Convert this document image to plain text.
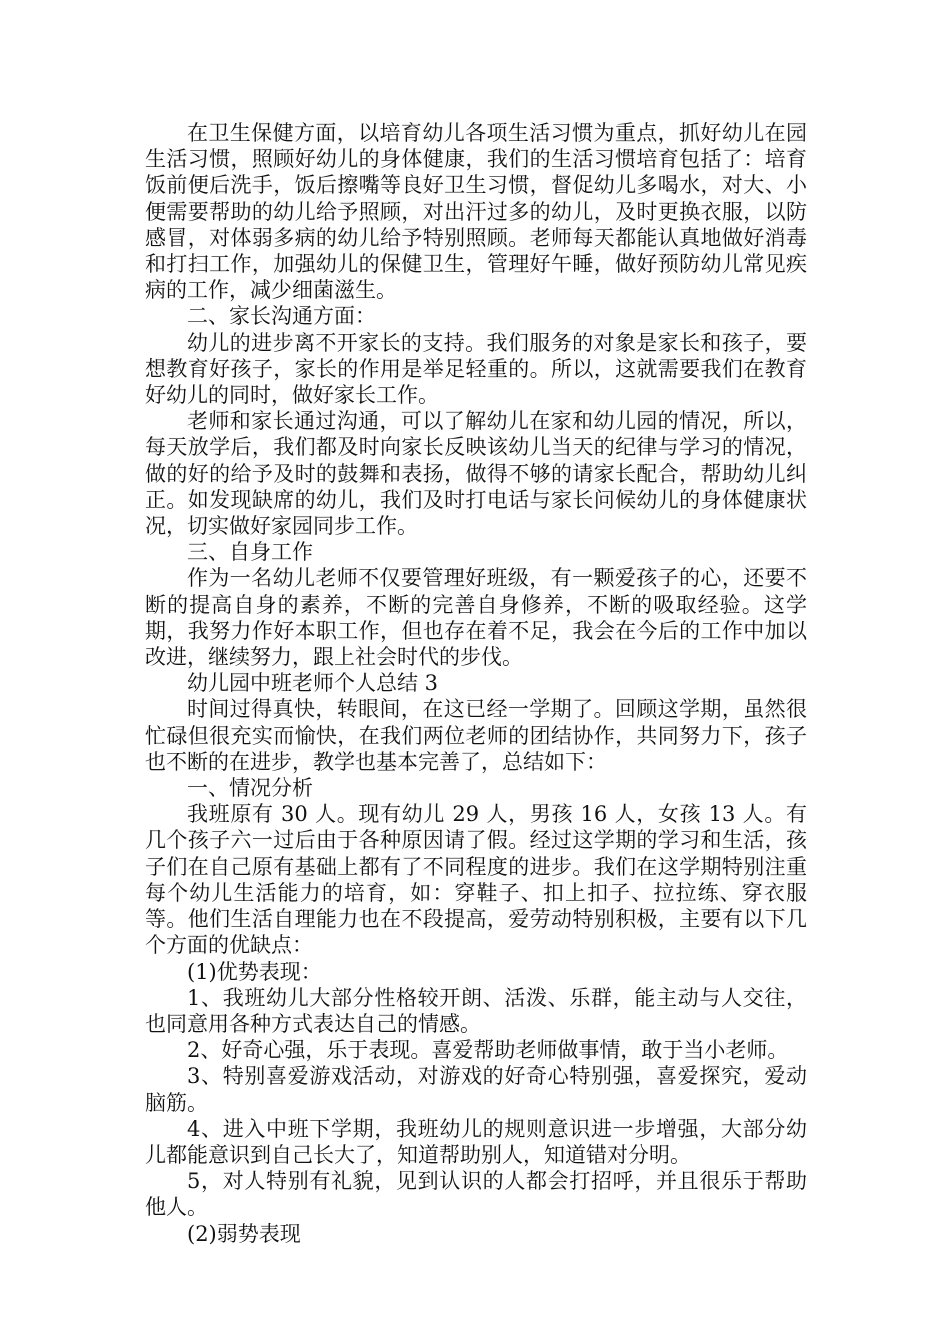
在卫生保健方面，以培育幼儿各项生活习惯为重点，抓好幼儿在园生活习惯，照顾好幼儿的身体健康，我们的生活习惯培育包括了：培育饭前便后洗手，饭后擦嘴等良好卫生习惯，督促幼儿多喝水，对大、小便需要帮助的幼儿给予照顾，对出汗过多的幼儿，及时更换衣服，以防感冒，对体弱多病的幼儿给予特别照顾。老师每天都能认真地做好消毒和打扫工作，加强幼儿的保健卫生，管理好午睡，做好预防幼儿常见疾病的工作，减少细菌滋生。

二、家长沟通方面：

幼儿的进步离不开家长的支持。我们服务的对象是家长和孩子，要想教育好孩子，家长的作用是举足轻重的。所以，这就需要我们在教育好幼儿的同时，做好家长工作。

老师和家长通过沟通，可以了解幼儿在家和幼儿园的情况，所以，每天放学后，我们都及时向家长反映该幼儿当天的纪律与学习的情况，做的好的给予及时的鼓舞和表扬，做得不够的请家长配合，帮助幼儿纠正。如发现缺席的幼儿，我们及时打电话与家长问候幼儿的身体健康状况，切实做好家园同步工作。

三、自身工作

作为一名幼儿老师不仅要管理好班级，有一颗爱孩子的心，还要不断的提高自身的素养，不断的完善自身修养，不断的吸取经验。这学期，我努力作好本职工作，但也存在着不足，我会在今后的工作中加以改进，继续努力，跟上社会时代的步伐。

幼儿园中班老师个人总结 3

时间过得真快，转眼间，在这已经一学期了。回顾这学期，虽然很忙碌但很充实而愉快，在我们两位老师的团结协作，共同努力下，孩子也不断的在进步，教学也基本完善了，总结如下：

一、情况分析

我班原有 30 人。现有幼儿 29 人，男孩 16 人，女孩 13 人。有几个孩子六一过后由于各种原因请了假。经过这学期的学习和生活，孩子们在自己原有基础上都有了不同程度的进步。我们在这学期特别注重每个幼儿生活能力的培育，如：穿鞋子、扣上扣子、拉拉练、穿衣服等。他们生活自理能力也在不段提高，爱劳动特别积极，主要有以下几个方面的优缺点：

(1)优势表现：

1、我班幼儿大部分性格较开朗、活泼、乐群，能主动与人交往，也同意用各种方式表达自己的情感。

2、好奇心强，乐于表现。喜爱帮助老师做事情，敢于当小老师。

3、特别喜爱游戏活动，对游戏的好奇心特别强，喜爱探究，爱动脑筋。

4、进入中班下学期，我班幼儿的规则意识进一步增强，大部分幼儿都能意识到自己长大了，知道帮助别人，知道错对分明。

5，对人特别有礼貌，见到认识的人都会打招呼，并且很乐于帮助他人。

(2)弱势表现
